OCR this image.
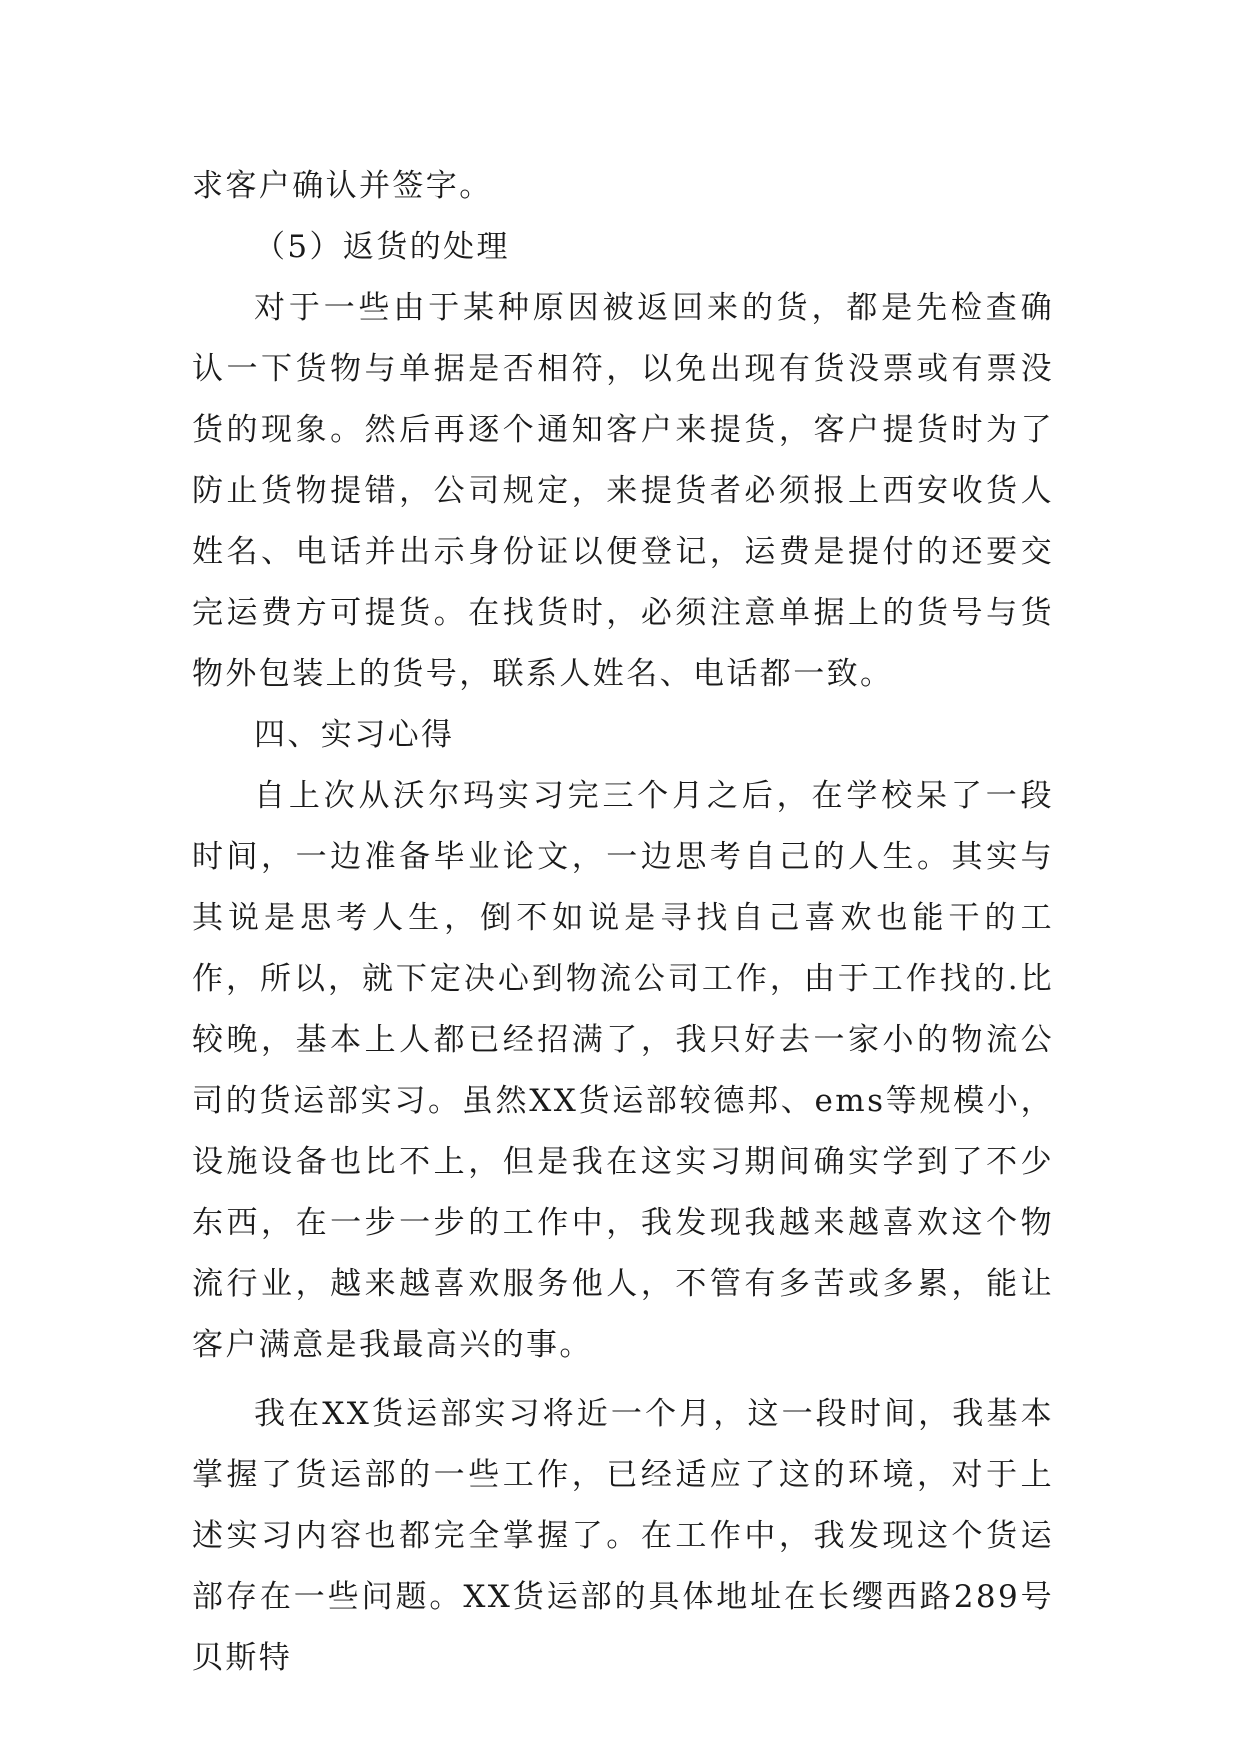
求客户确认并签字。

（5）返货的处理

对于一些由于某种原因被返回来的货，都是先检查确认一下货物与单据是否相符，以免出现有货没票或有票没货的现象。然后再逐个通知客户来提货，客户提货时为了防止货物提错，公司规定，来提货者必须报上西安收货人姓名、电话并出示身份证以便登记，运费是提付的还要交完运费方可提货。在找货时，必须注意单据上的货号与货物外包装上的货号，联系人姓名、电话都一致。

四、实习心得

自上次从沃尔玛实习完三个月之后，在学校呆了一段时间，一边准备毕业论文，一边思考自己的人生。其实与其说是思考人生，倒不如说是寻找自己喜欢也能干的工作，所以，就下定决心到物流公司工作，由于工作找的.比较晚，基本上人都已经招满了，我只好去一家小的物流公司的货运部实习。虽然XX货运部较德邦、ems等规模小，设施设备也比不上，但是我在这实习期间确实学到了不少东西，在一步一步的工作中，我发现我越来越喜欢这个物流行业，越来越喜欢服务他人，不管有多苦或多累，能让客户满意是我最高兴的事。

我在XX货运部实习将近一个月，这一段时间，我基本掌握了货运部的一些工作，已经适应了这的环境，对于上述实习内容也都完全掌握了。在工作中，我发现这个货运部存在一些问题。XX货运部的具体地址在长缨西路289号贝斯特
